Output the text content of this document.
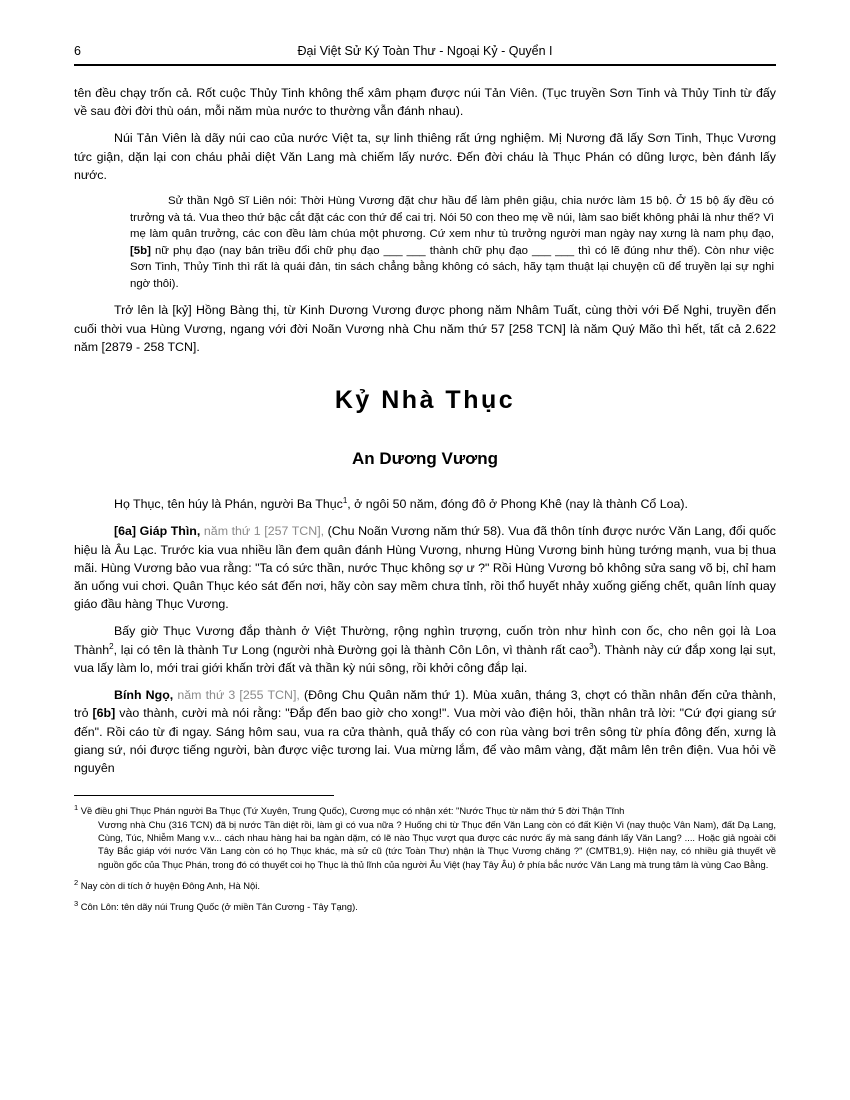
6	Đại Việt Sử Ký Toàn Thư - Ngoại Kỷ - Quyển I

tên đều chạy trốn cả. Rốt cuộc Thủy Tinh không thể xâm phạm được núi Tản Viên. (Tục truyền Sơn Tinh và Thủy Tinh từ đấy về sau đời đời thù oán, mỗi năm mùa nước to thường vẫn đánh nhau).

Núi Tản Viên là dãy núi cao của nước Việt ta, sự linh thiêng rất ứng nghiệm. Mị Nương đã lấy Sơn Tinh, Thục Vương tức giận, dặn lại con cháu phải diệt Văn Lang mà chiếm lấy nước. Đến đời cháu là Thục Phán có dũng lược, bèn đánh lấy nước.

Sử thần Ngô Sĩ Liên nói: Thời Hùng Vương đặt chư hầu để làm phên giậu, chia nước làm 15 bộ. Ở 15 bộ ấy đều có trưởng và tá. Vua theo thứ bậc cắt đặt các con thứ để cai trị. Nói 50 con theo mẹ về núi, làm sao biết không phải là như thế? Vì mẹ làm quân trưởng, các con đều làm chúa một phương. Cứ xem như tù trưởng người man ngày nay xưng là nam phụ đạo, [5b] nữ phụ đạo (nay bản triều đổi chữ phụ đạo ___ ___ thành chữ phụ đạo ___ ___ thì có lẽ đúng như thế). Còn như việc Sơn Tinh, Thủy Tinh thì rất là quái đản, tin sách chẳng bằng không có sách, hãy tạm thuật lại chuyện cũ để truyền lại sự nghi ngờ thôi).

Trở lên là [kỷ] Hồng Bàng thị, từ Kinh Dương Vương được phong năm Nhâm Tuất, cùng thời với Đế Nghi, truyền đến cuối thời vua Hùng Vương, ngang với đời Noãn Vương nhà Chu năm thứ 57 [258 TCN] là năm Quý Mão thì hết, tất cả 2.622 năm [2879 - 258 TCN].

Kỷ Nhà Thục
An Dương Vương

Họ Thục, tên húy là Phán, người Ba Thục$^1$, ở ngôi 50 năm, đóng đô ở Phong Khê (nay là thành Cổ Loa).

[6a] Giáp Thìn, năm thứ 1 [257 TCN], (Chu Noãn Vương năm thứ 58). Vua đã thôn tính được nước Văn Lang, đổi quốc hiệu là Âu Lạc. Trước kia vua nhiều lần đem quân đánh Hùng Vương, nhưng Hùng Vương binh hùng tướng mạnh, vua bị thua mãi. Hùng Vương bảo vua rằng: "Ta có sức thần, nước Thục không sợ ư ?" Rồi Hùng Vương bỏ không sửa sang võ bị, chỉ ham ăn uống vui chơi. Quân Thục kéo sát đến nơi, hãy còn say mềm chưa tỉnh, rồi thổ huyết nhảy xuống giếng chết, quân lính quay giáo đầu hàng Thục Vương.

Bấy giờ Thục Vương đắp thành ở Việt Thường, rộng nghìn trượng, cuốn tròn như hình con ốc, cho nên gọi là Loa Thành$^2$, lại có tên là thành Tư Long (người nhà Đường gọi là thành Côn Lôn, vì thành rất cao$^3$). Thành này cứ đắp xong lại sụt, vua lấy làm lo, mới trai giới khấn trời đất và thần kỳ núi sông, rồi khởi công đắp lại.

Bính Ngọ, năm thứ 3 [255 TCN], (Đông Chu Quân năm thứ 1). Mùa xuân, tháng 3, chợt có thần nhân đến cửa thành, trỏ [6b] vào thành, cười mà nói rằng: "Đắp đến bao giờ cho xong!". Vua mời vào điện hỏi, thần nhân trả lời: "Cứ đợi giang sứ đến". Rồi cáo từ đi ngay. Sáng hôm sau, vua ra cửa thành, quả thấy có con rùa vàng bơi trên sông từ phía đông đến, xưng là giang sứ, nói được tiếng người, bàn được việc tương lai. Vua mừng lắm, để vào mâm vàng, đặt mâm lên trên điện. Vua hỏi về nguyên

$^1$ Về điều ghi Thục Phán người Ba Thục (Tứ Xuyên, Trung Quốc), Cương mục có nhận xét: "Nước Thục từ năm thứ 5 đời Thận Tĩnh
Vương nhà Chu (316 TCN) đã bị nước Tần diệt rồi, làm gì có vua nữa ? Huống chi từ Thục đến Văn Lang còn có đất Kiện Vi (nay thuộc Vân Nam), đất Dạ Lang, Cùng, Túc, Nhiễm Mang v.v... cách nhau hàng hai ba ngàn dặm, có lẽ nào Thục vượt qua được các nước ấy mà sang đánh lấy Văn Lang? .... Hoặc giả ngoài cõi Tây Bắc giáp với nước Văn Lang còn có họ Thục khác, mà sử cũ (tức Toàn Thư) nhận là Thục Vương chăng ?" (CMTB1,9). Hiện nay, có nhiều giả thuyết về nguồn gốc của Thục Phán, trong đó có thuyết coi họ Thục là thủ lĩnh của người Âu Việt (hay Tây Âu) ở phía bắc nước Văn Lang mà trung tâm là vùng Cao Bằng.

$^2$ Nay còn di tích ở huyện Đông Anh, Hà Nội.

$^3$ Côn Lôn: tên dãy núi Trung Quốc (ở miền Tân Cương - Tây Tạng).
